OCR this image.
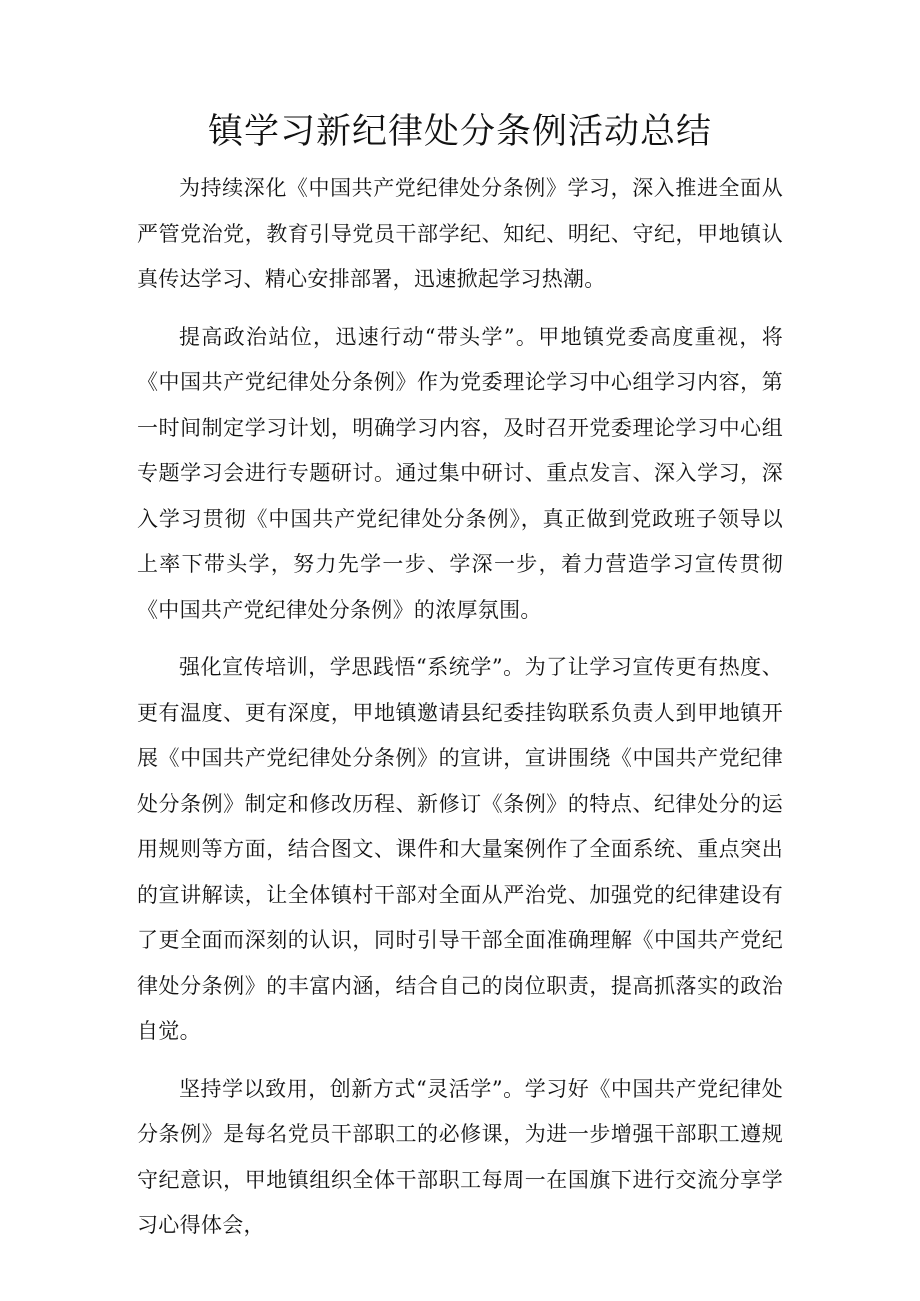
镇学习新纪律处分条例活动总结

为持续深化《中国共产党纪律处分条例》学习，深入推进全面从严管党治党，教育引导党员干部学纪、知纪、明纪、守纪，甲地镇认真传达学习、精心安排部署，迅速掀起学习热潮。

提高政治站位，迅速行动“带头学”。甲地镇党委高度重视，将《中国共产党纪律处分条例》作为党委理论学习中心组学习内容，第一时间制定学习计划，明确学习内容，及时召开党委理论学习中心组专题学习会进行专题研讨。通过集中研讨、重点发言、深入学习，深入学习贯彻《中国共产党纪律处分条例》，真正做到党政班子领导以上率下带头学，努力先学一步、学深一步，着力营造学习宣传贯彻《中国共产党纪律处分条例》的浓厚氛围。

强化宣传培训，学思践悟“系统学”。为了让学习宣传更有热度、更有温度、更有深度，甲地镇邀请县纪委挂钩联系负责人到甲地镇开展《中国共产党纪律处分条例》的宣讲，宣讲围绕《中国共产党纪律处分条例》制定和修改历程、新修订《条例》的特点、纪律处分的运用规则等方面，结合图文、课件和大量案例作了全面系统、重点突出的宣讲解读，让全体镇村干部对全面从严治党、加强党的纪律建设有了更全面而深刻的认识，同时引导干部全面准确理解《中国共产党纪律处分条例》的丰富内涵，结合自己的岗位职责，提高抓落实的政治自觉。

坚持学以致用，创新方式“灵活学”。学习好《中国共产党纪律处分条例》是每名党员干部职工的必修课，为进一步增强干部职工遵规守纪意识，甲地镇组织全体干部职工每周一在国旗下进行交流分享学习心得体会，
